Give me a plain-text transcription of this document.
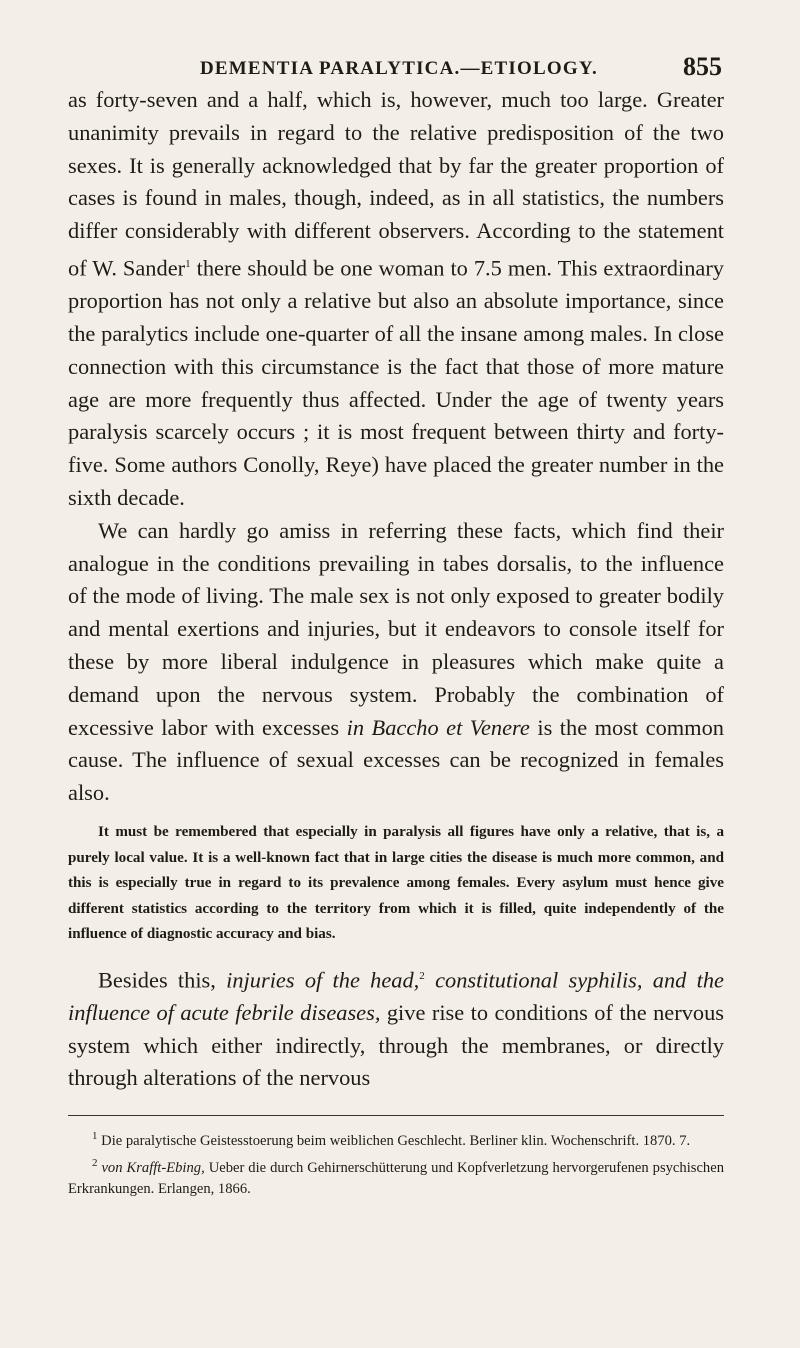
DEMENTIA PARALYTICA.—ETIOLOGY.	855

as forty-seven and a half, which is, however, much too large. Greater unanimity prevails in regard to the relative predisposition of the two sexes. It is generally acknowledged that by far the greater proportion of cases is found in males, though, indeed, as in all statistics, the numbers differ considerably with different observers. According to the statement of W. Sander$^1$ there should be one woman to 7.5 men. This extraordinary proportion has not only a relative but also an absolute importance, since the paralytics include one-quarter of all the insane among males. In close connection with this circumstance is the fact that those of more mature age are more frequently thus affected. Under the age of twenty years paralysis scarcely occurs ; it is most frequent between thirty and forty-five. Some authors Conolly, Reye) have placed the greater number in the sixth decade.

We can hardly go amiss in referring these facts, which find their analogue in the conditions prevailing in tabes dorsalis, to the influence of the mode of living. The male sex is not only exposed to greater bodily and mental exertions and injuries, but it endeavors to console itself for these by more liberal indulgence in pleasures which make quite a demand upon the nervous system. Probably the combination of excessive labor with excesses in Baccho et Venere is the most common cause. The influence of sexual excesses can be recognized in females also.

It must be remembered that especially in paralysis all figures have only a relative, that is, a purely local value. It is a well-known fact that in large cities the disease is much more common, and this is especially true in regard to its prevalence among females. Every asylum must hence give different statistics according to the territory from which it is filled, quite independently of the influence of diagnostic accuracy and bias.

Besides this, injuries of the head,$^2$ constitutional syphilis, and the influence of acute febrile diseases, give rise to conditions of the nervous system which either indirectly, through the membranes, or directly through alterations of the nervous

$^1$ Die paralytische Geistesstoerung beim weiblichen Geschlecht. Berliner klin. Wochenschrift. 1870. 7.

$^2$ von Krafft-Ebing, Ueber die durch Gehirnerschütterung und Kopfverletzung hervorgerufenen psychischen Erkrankungen. Erlangen, 1866.
